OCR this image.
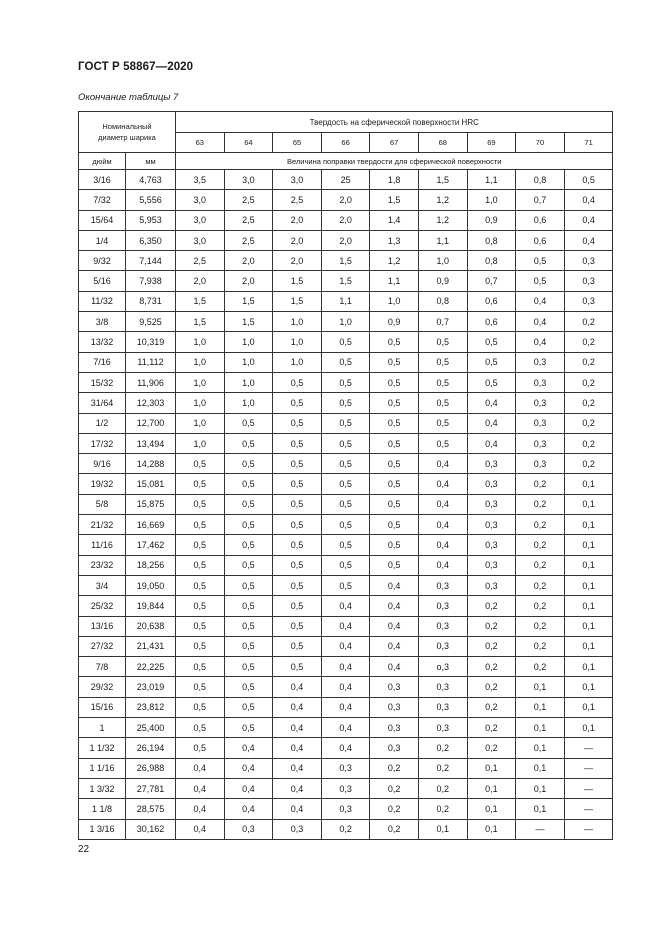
ГОСТ Р 58867—2020
Окончание таблицы 7
Номинальный
диаметр шарика		Твердость на сферической поверхности HRC								
		63	64	65	66	67	68	69	70	71
дюйм	мм	Величина поправки твердости для сферической поверхности								
3/16	4,763	3,5	3,0	3,0	25	1,8	1,5	1,1	0,8	0,5
7/32	5,556	3,0	2,5	2,5	2,0	1,5	1,2	1,0	0,7	0,4
15/64	5,953	3,0	2,5	2,0	2,0	1,4	1,2	0,9	0,6	0,4
1/4	6,350	3,0	2,5	2,0	2,0	1,3	1,1	0,8	0,6	0,4
9/32	7,144	2,5	2,0	2,0	1,5	1,2	1,0	0,8	0,5	0,3
5/16	7,938	2,0	2,0	1,5	1,5	1,1	0,9	0,7	0,5	0,3
11/32	8,731	1,5	1,5	1,5	1,1	1,0	0,8	0,6	0,4	0,3
3/8	9,525	1,5	1,5	1,0	1,0	0,9	0,7	0,6	0,4	0,2
13/32	10,319	1,0	1,0	1,0	0,5	0,5	0,5	0,5	0,4	0,2
7/16	11,112	1,0	1,0	1,0	0,5	0,5	0,5	0,5	0,3	0,2
15/32	11,906	1,0	1,0	0,5	0,5	0,5	0,5	0,5	0,3	0,2
31/64	12,303	1,0	1,0	0,5	0,5	0,5	0,5	0,4	0,3	0,2
1/2	12,700	1,0	0,5	0,5	0,5	0,5	0,5	0,4	0,3	0,2
17/32	13,494	1,0	0,5	0,5	0,5	0,5	0,5	0,4	0,3	0,2
9/16	14,288	0,5	0,5	0,5	0,5	0,5	0,4	0,3	0,3	0,2
19/32	15,081	0,5	0,5	0,5	0,5	0,5	0,4	0,3	0,2	0,1
5/8	15,875	0,5	0,5	0,5	0,5	0,5	0,4	0,3	0,2	0,1
21/32	16,669	0,5	0,5	0,5	0,5	0,5	0,4	0,3	0,2	0,1
11/16	17,462	0,5	0,5	0,5	0,5	0,5	0,4	0,3	0,2	0,1
23/32	18,256	0,5	0,5	0,5	0,5	0,5	0,4	0,3	0,2	0,1
3/4	19,050	0,5	0,5	0,5	0,5	0,4	0,3	0,3	0,2	0,1
25/32	19,844	0,5	0,5	0,5	0,4	0,4	0,3	0,2	0,2	0,1
13/16	20,638	0,5	0,5	0,5	0,4	0,4	0,3	0,2	0,2	0,1
27/32	21,431	0,5	0,5	0,5	0,4	0,4	0,3	0,2	0,2	0,1
7/8	22,225	0,5	0,5	0,5	0,4	0,4	о,3	0,2	0,2	0,1
29/32	23,019	0,5	0,5	0,4	0,4	0,3	0,3	0,2	0,1	0,1
15/16	23,812	0,5	0,5	0,4	0,4	0,3	0,3	0,2	0,1	0,1
1	25,400	0,5	0,5	0,4	0,4	0,3	0,3	0,2	0,1	0,1
1 1/32	26,194	0,5	0,4	0,4	0,4	0,3	0,2	0,2	0,1	—
1 1/16	26,988	0,4	0,4	0,4	0,3	0,2	0,2	0,1	0,1	—
1 3/32	27,781	0,4	0,4	0,4	0,3	0,2	0,2	0,1	0,1	—
1 1/8	28,575	0,4	0,4	0,4	0,3	0,2	0,2	0,1	0,1	—
1 3/16	30,162	0,4	0,3	0,3	0,2	0,2	0,1	0,1	—	—
22
